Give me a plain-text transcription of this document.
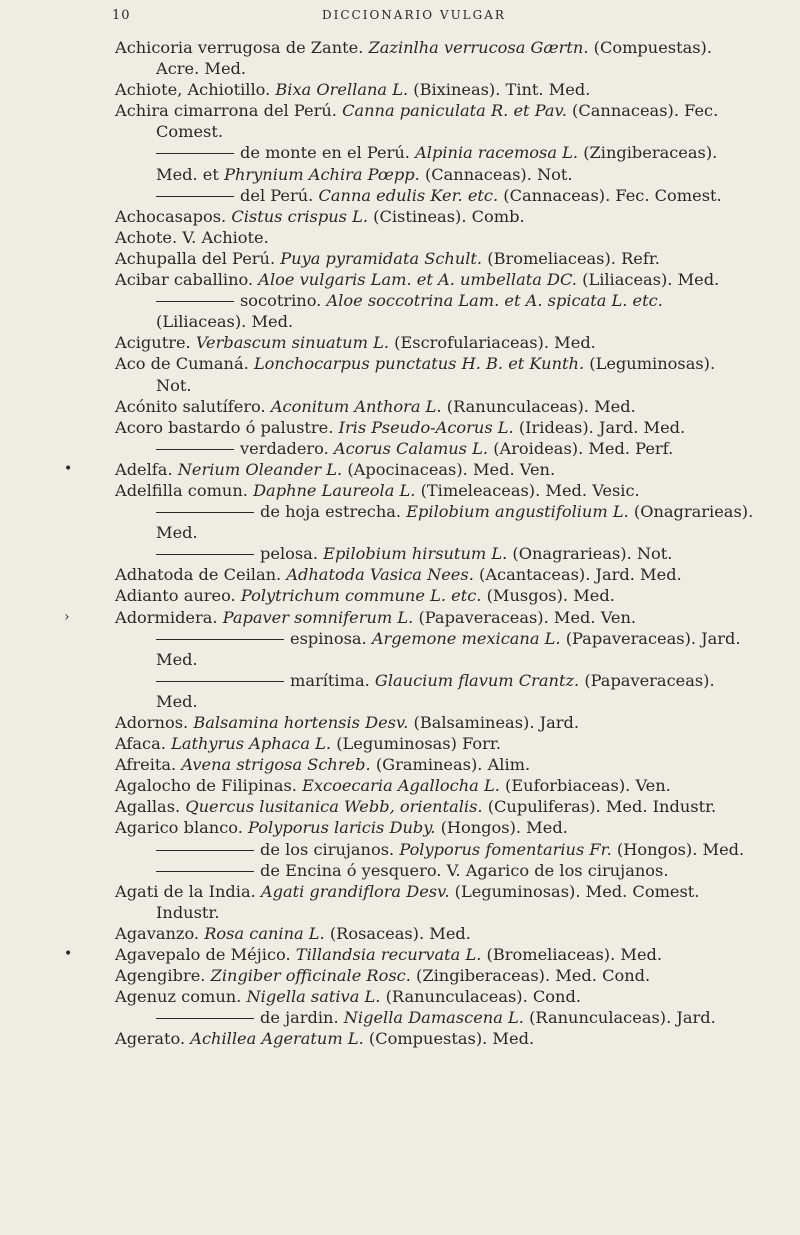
10	DICCIONARIO VULGAR
Achicoria verrugosa de Zante. Zazinlha verrucosa Gærtn. (Compuestas). Acre. Med.
Achiote, Achiotillo. Bixa Orellana L. (Bixineas). Tint. Med.
Achira cimarrona del Perú. Canna paniculata R. et Pav. (Cannaceas). Fec. Comest.
de monte en el Perú. Alpinia racemosa L. (Zingiberaceas). Med. et Phrynium Achira Pœpp. (Cannaceas). Not.
del Perú. Canna edulis Ker. etc. (Cannaceas). Fec. Comest.
Achocasapos. Cistus crispus L. (Cistineas). Comb.
Achote. V. Achiote.
Achupalla del Perú. Puya pyramidata Schult. (Bromeliaceas). Refr.
Acibar caballino. Aloe vulgaris Lam. et A. umbellata DC. (Liliaceas). Med.
socotrino. Aloe soccotrina Lam. et A. spicata L. etc. (Liliaceas). Med.
Acigutre. Verbascum sinuatum L. (Escrofulariaceas). Med.
Aco de Cumaná. Lonchocarpus punctatus H. B. et Kunth. (Leguminosas). Not.
Acónito salutífero. Aconitum Anthora L. (Ranunculaceas). Med.
Acoro bastardo ó palustre. Iris Pseudo-Acorus L. (Irideas). Jard. Med.
verdadero. Acorus Calamus L. (Aroideas). Med. Perf.
•	Adelfa. Nerium Oleander L. (Apocinaceas). Med. Ven.
Adelfilla comun. Daphne Laureola L. (Timeleaceas). Med. Vesic.
de hoja estrecha. Epilobium angustifolium L. (Onagrarieas). Med.
pelosa. Epilobium hirsutum L. (Onagrarieas). Not.
Adhatoda de Ceilan. Adhatoda Vasica Nees. (Acantaceas). Jard. Med.
Adianto aureo. Polytrichum commune L. etc. (Musgos). Med.
›	Adormidera. Papaver somniferum L. (Papaveraceas). Med. Ven.
espinosa. Argemone mexicana L. (Papaveraceas). Jard. Med.
marítima. Glaucium flavum Crantz. (Papaveraceas). Med.
Adornos. Balsamina hortensis Desv. (Balsamineas). Jard.
Afaca. Lathyrus Aphaca L. (Leguminosas) Forr.
Afreita. Avena strigosa Schreb. (Gramineas). Alim.
Agalocho de Filipinas. Excoecaria Agallocha L. (Euforbiaceas). Ven.
Agallas. Quercus lusitanica Webb, orientalis. (Cupuliferas). Med. Industr.
Agarico blanco. Polyporus laricis Duby. (Hongos). Med.
de los cirujanos. Polyporus fomentarius Fr. (Hongos). Med.
de Encina ó yesquero. V. Agarico de los cirujanos.
Agati de la India. Agati grandiflora Desv. (Leguminosas). Med. Comest. Industr.
Agavanzo. Rosa canina L. (Rosaceas). Med.
•	Agavepalo de Méjico. Tillandsia recurvata L. (Bromeliaceas). Med.
Agengibre. Zingiber officinale Rosc. (Zingiberaceas). Med. Cond.
Agenuz comun. Nigella sativa L. (Ranunculaceas). Cond.
de jardin. Nigella Damascena L. (Ranunculaceas). Jard.
Agerato. Achillea Ageratum L. (Compuestas). Med.
